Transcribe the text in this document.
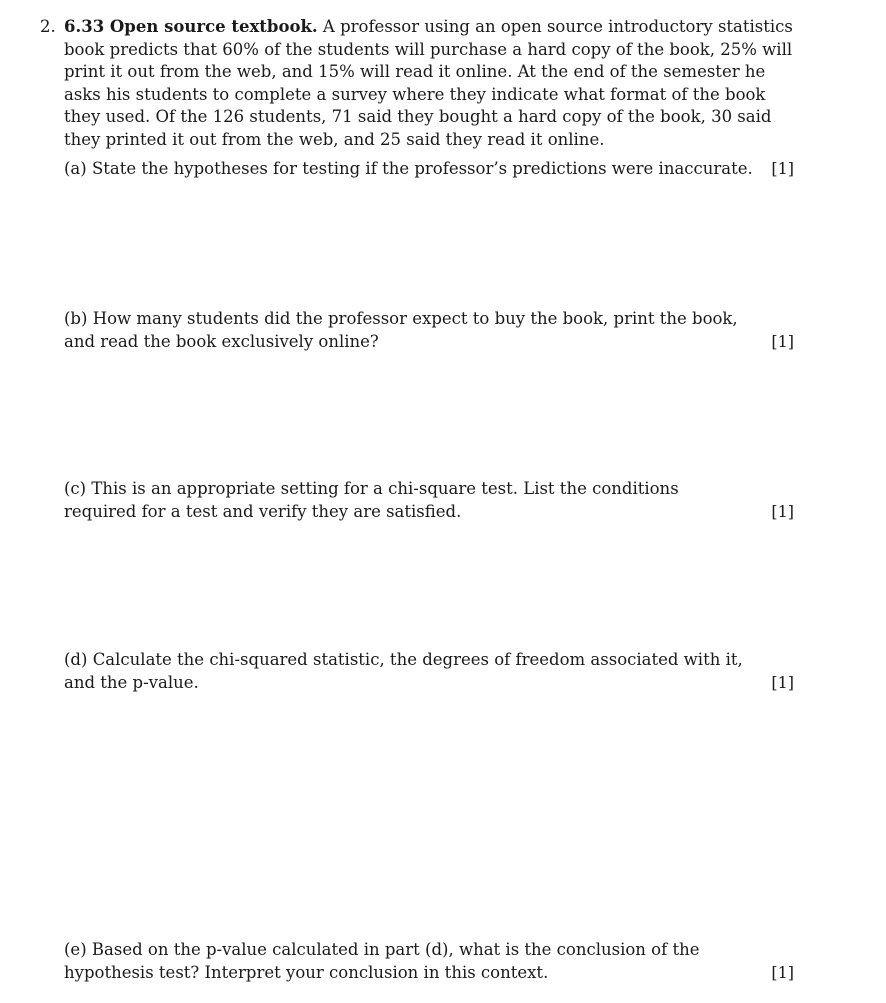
2. 6.33 Open source textbook. A professor using an open source introductory statistics book predicts that 60% of the students will purchase a hard copy of the book, 25% will print it out from the web, and 15% will read it online. At the end of the semester he asks his students to complete a survey where they indicate what format of the book they used. Of the 126 students, 71 said they bought a hard copy of the book, 30 said they printed it out from the web, and 25 said they read it online.
(a) State the hypotheses for testing if the professor’s predictions were inaccurate.	[1]
(b) How many students did the professor expect to buy the book, print the book, and read the book exclusively online?	[1]
(c) This is an appropriate setting for a chi-square test. List the conditions required for a test and verify they are satisfied.	[1]
(d) Calculate the chi-squared statistic, the degrees of freedom associated with it, and the p-value.	[1]
(e) Based on the p-value calculated in part (d), what is the conclusion of the hypothesis test? Interpret your conclusion in this context.	[1]
